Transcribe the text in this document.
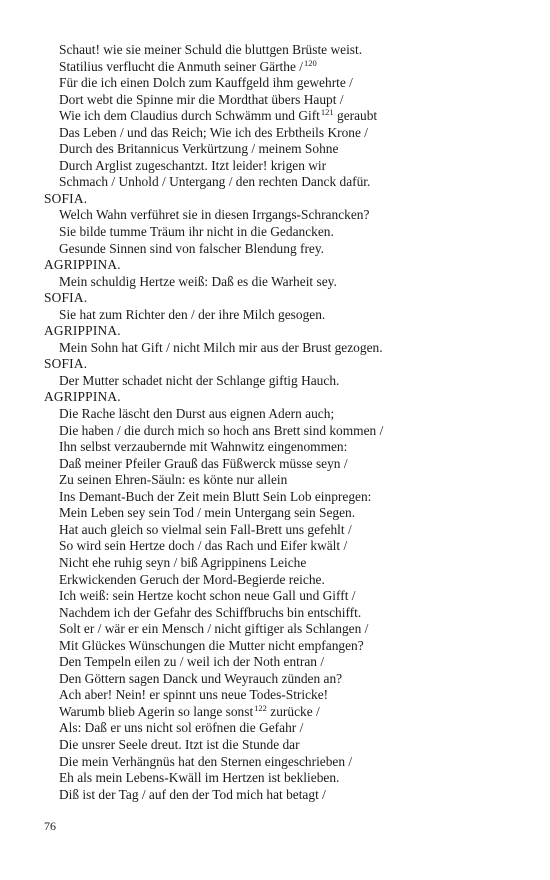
Schaut! wie sie meiner Schuld die bluttgen Brüste weist.
Statilius verflucht die Anmuth seiner Gärthe /$^{120}$
Für die ich einen Dolch zum Kauffgeld ihm gewehrte /
Dort webt die Spinne mir die Mordthat übers Haupt /
Wie ich dem Claudius durch Schwämm und Gift$^{121}$ geraubt
Das Leben / und das Reich; Wie ich des Erbtheils Krone /
Durch des Britannicus Verkürtzung / meinem Sohne
Durch Arglist zugeschantzt. Itzt leider! krigen wir
Schmach / Unhold / Untergang / den rechten Danck dafür.
SOFIA.
Welch Wahn verführet sie in diesen Irrgangs-Schrancken?
Sie bilde tumme Träum ihr nicht in die Gedancken.
Gesunde Sinnen sind von falscher Blendung frey.
AGRIPPINA.
Mein schuldig Hertze weiß: Daß es die Warheit sey.
SOFIA.
Sie hat zum Richter den / der ihre Milch gesogen.
AGRIPPINA.
Mein Sohn hat Gift / nicht Milch mir aus der Brust gezogen.
SOFIA.
Der Mutter schadet nicht der Schlange giftig Hauch.
AGRIPPINA.
Die Rache läscht den Durst aus eignen Adern auch;
Die haben / die durch mich so hoch ans Brett sind kommen /
Ihn selbst verzaubernde mit Wahnwitz eingenommen:
Daß meiner Pfeiler Grauß das Füßwerck müsse seyn /
Zu seinen Ehren-Säuln: es könte nur allein
Ins Demant-Buch der Zeit mein Blutt Sein Lob einpregen:
Mein Leben sey sein Tod / mein Untergang sein Segen.
Hat auch gleich so vielmal sein Fall-Brett uns gefehlt /
So wird sein Hertze doch / das Rach und Eifer kwält /
Nicht ehe ruhig seyn / biß Agrippinens Leiche
Erkwickenden Geruch der Mord-Begierde reiche.
Ich weiß: sein Hertze kocht schon neue Gall und Gifft /
Nachdem ich der Gefahr des Schiffbruchs bin entschifft.
Solt er / wär er ein Mensch / nicht giftiger als Schlangen /
Mit Glückes Wünschungen die Mutter nicht empfangen?
Den Tempeln eilen zu / weil ich der Noth entran /
Den Göttern sagen Danck und Weyrauch zünden an?
Ach aber! Nein! er spinnt uns neue Todes-Stricke!
Warumb blieb Agerin so lange sonst$^{122}$ zurücke /
Als: Daß er uns nicht sol eröfnen die Gefahr /
Die unsrer Seele dreut. Itzt ist die Stunde dar
Die mein Verhängnüs hat den Sternen eingeschrieben /
Eh als mein Lebens-Kwäll im Hertzen ist beklieben.
Diß ist der Tag / auf den der Tod mich hat betagt /
76
